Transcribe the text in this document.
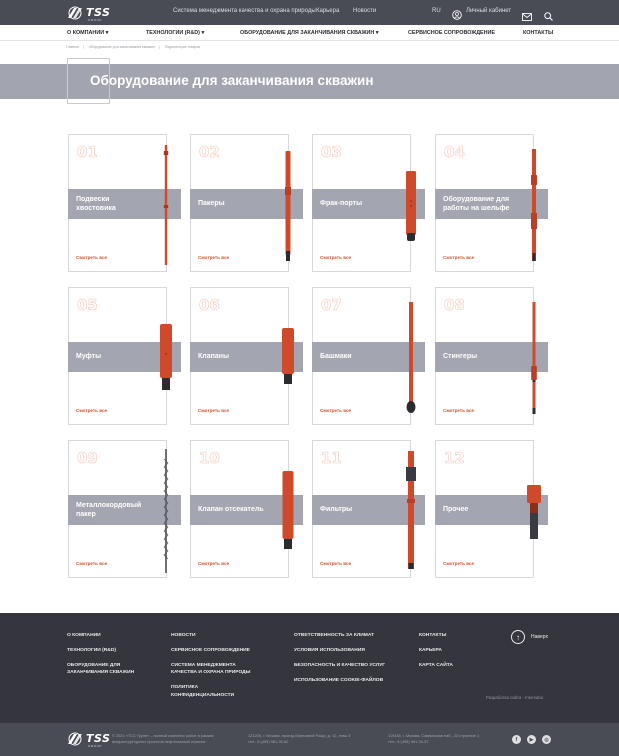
TSS
GROUP
Система менеджмента качества и охрана природы Карьера Новости	RU	Личный кабинет
О КОМПАНИИ ▾	ТЕХНОЛОГИИ (R&D) ▾	ОБОРУДОВАНИЕ ДЛЯ ЗАКАНЧИВАНИЯ СКВАЖИН ▾	СЕРВИСНОЕ СОПРОВОЖДЕНИЕ	КОНТАКТЫ
Главная | Оборудование для заканчивания скважин | Подкатегории товаров
Оборудование для заканчивания скважин
01
Подвески хвостовика
Смотреть все
02
Пакеры
Смотреть все
03
Фрак-порты
Смотреть все
04
Оборудование для работы на шельфе
Смотреть все
05
Муфты
Смотреть все
06
Клапаны
Смотреть все
07
Башмаки
Смотреть все
08
Стингеры
Смотреть все
09
Металлокордовый пакер
Смотреть все
10
Клапан отсекатель
Смотреть все
11
Фильтры
Смотреть все
12
Прочее
Смотреть все
О КОМПАНИИ
ТЕХНОЛОГИИ (R&D)
ОБОРУДОВАНИЕ ДЛЯ
ЗАКАНЧИВАНИЯ СКВАЖИН
НОВОСТИ
СЕРВИСНОЕ СОПРОВОЖДЕНИЕ
СИСТЕМА МЕНЕДЖМЕНТА
КАЧЕСТВА И ОХРАНА ПРИРОДЫ
ПОЛИТИКА
КОНФИДЕНЦИАЛЬНОСТИ
ОТВЕТСТВЕННОСТЬ ЗА КЛИМАТ
УСЛОВИЯ ИСПОЛЬЗОВАНИЯ
БЕЗОПАСНОСТЬ И КАЧЕСТВО УСЛУГ
ИСПОЛЬЗОВАНИЕ COOKIE-ФАЙЛОВ
КОНТАКТЫ
КАРЬЕРА
КАРТА САЙТА
↑ Наверх
Разработка сайта - Intersaba
TSS
GROUP
© 2021 «ТСС Групп» – полный комплекс работ в рамках
инфраструктурных проектов нефтегазовой отрасли.
121205, г. Москва, проезд Березовой Рощи, д. 12, этаж 3
тел.: 8 (495) 981-90-82
119435, г. Москва, Саввинская наб., 23 строение 1
тел.: 8 (495) 981-33-37	f	▶	◎
